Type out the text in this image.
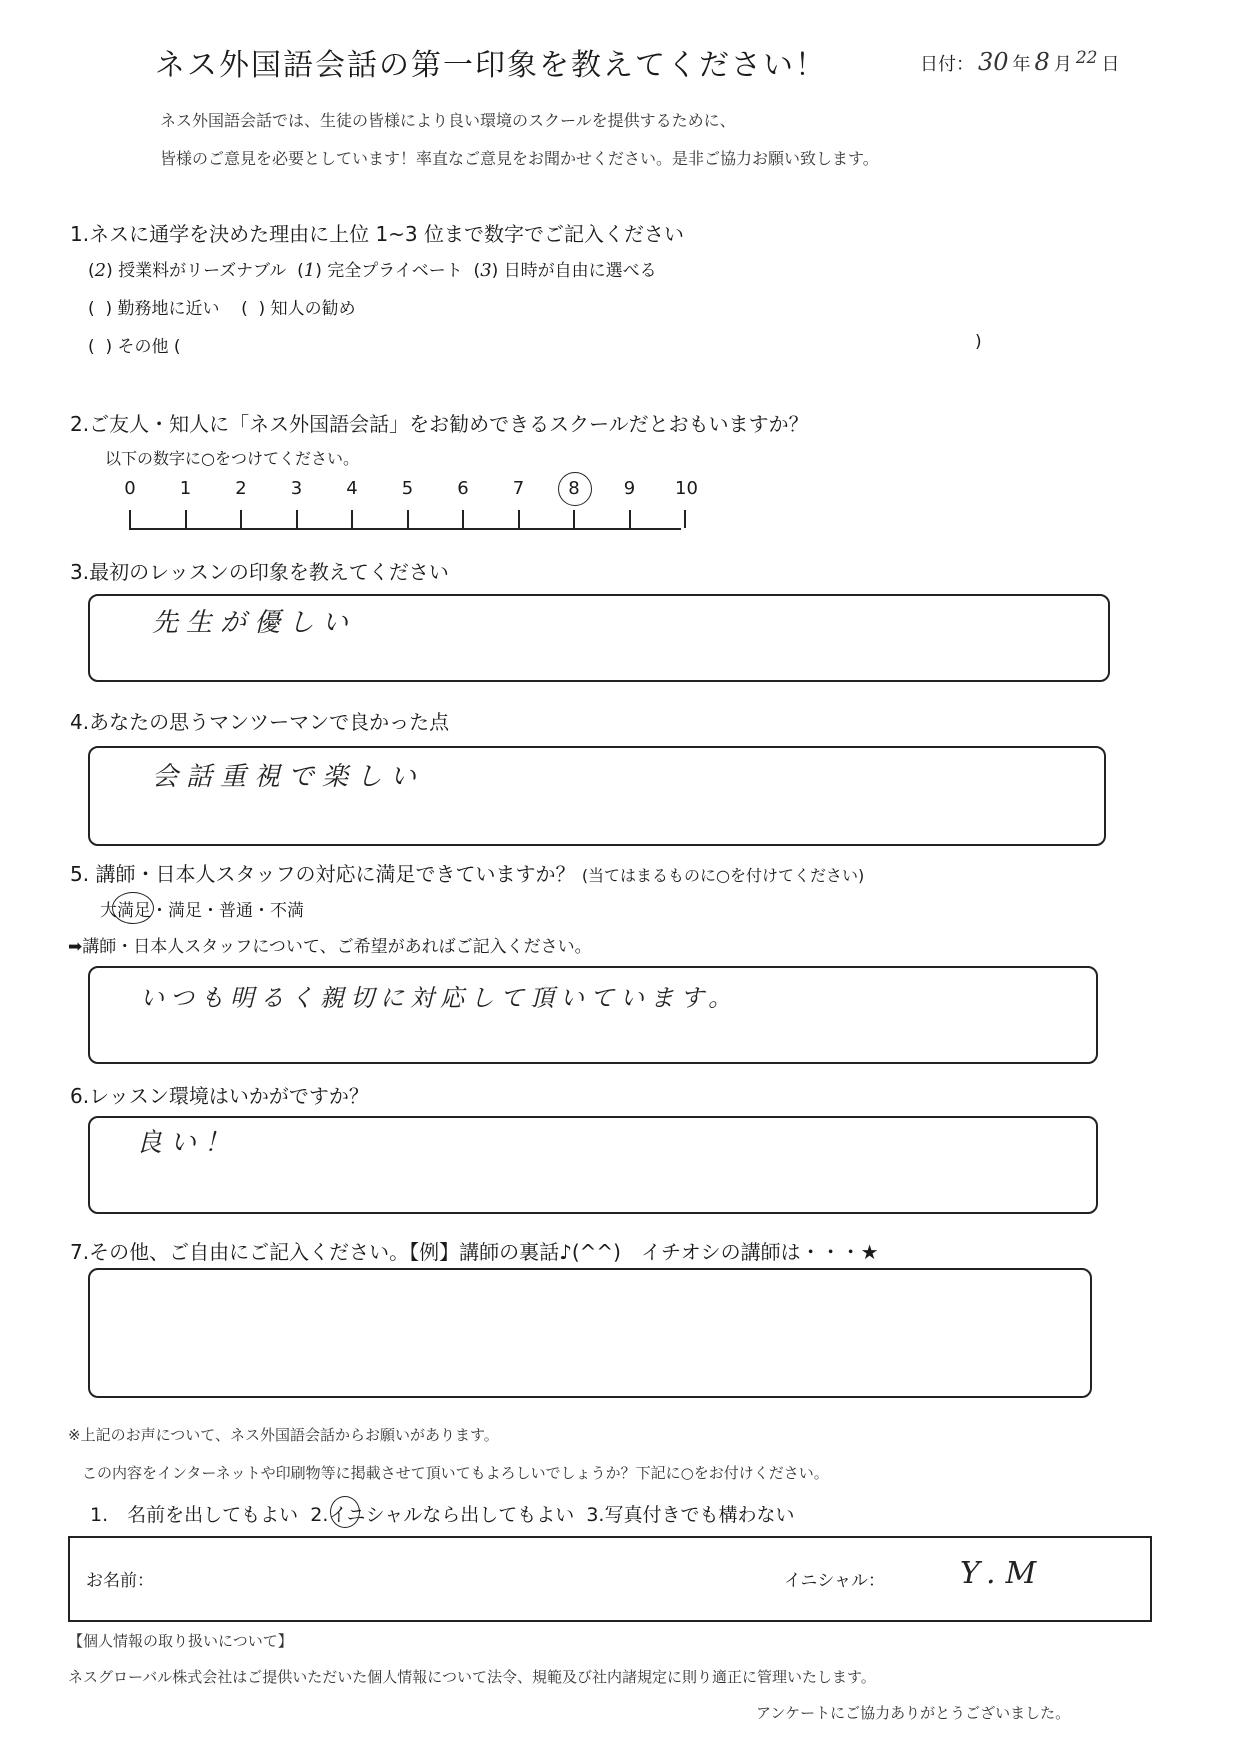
ネス外国語会話の第一印象を教えてください！	日付： 30 年 8 月 22 日
ネス外国語会話では、生徒の皆様により良い環境のスクールを提供するために、
皆様のご意見を必要としています！率直なご意見をお聞かせください。是非ご協力お願い致します。
1.ネスに通学を決めた理由に上位 1~3 位まで数字でご記入ください
(2) 授業料がリーズナブル  (1) 完全プライベート  (3) 日時が自由に選べる
(  ) 勤務地に近い    (  ) 知人の勧め
(  ) その他 (	)
2.ご友人・知人に「ネス外国語会話」をお勧めできるスクールだとおもいますか？
以下の数字に○をつけてください。
0 1 2 3 4 5 6 7 8 9 10
3.最初のレッスンの印象を教えてください
先生が優しい
4.あなたの思うマンツーマンで良かった点
会話重視で楽しい
5. 講師・日本人スタッフの対応に満足できていますか？ (当てはまるものに○を付けてください)
大満足・満足・普通・不満
➡講師・日本人スタッフについて、ご希望があればご記入ください。
いつも明るく親切に対応して頂いています。
6.レッスン環境はいかがですか？
良い！
7.その他、ご自由にご記入ください。【例】講師の裏話♪(^^)　イチオシの講師は・・・★
※上記のお声について、ネス外国語会話からお願いがあります。
この内容をインターネットや印刷物等に掲載させて頂いてもよろしいでしょうか？下記に○をお付けください。
1.　名前を出してもよい 2.イニシャルなら出してもよい 3.写真付きでも構わない
お名前：	イニシャル：	Y.M
【個人情報の取り扱いについて】
ネスグローバル株式会社はご提供いただいた個人情報について法令、規範及び社内諸規定に則り適正に管理いたします。
アンケートにご協力ありがとうございました。
